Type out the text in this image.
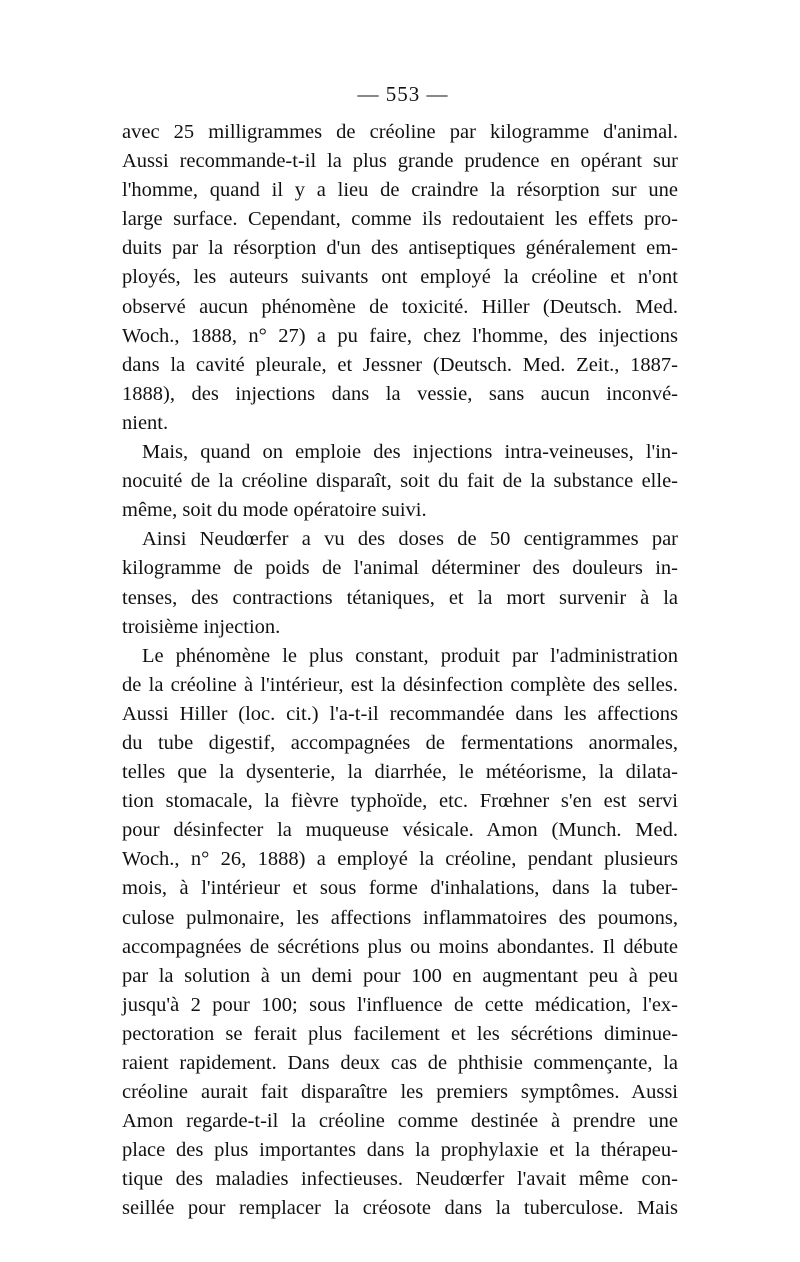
— 553 —
avec 25 milligrammes de créoline par kilogramme d'animal.
Aussi recommande-t-il la plus grande prudence en opérant sur
l'homme, quand il y a lieu de craindre la résorption sur une
large surface. Cependant, comme ils redoutaient les effets pro-
duits par la résorption d'un des antiseptiques généralement em-
ployés, les auteurs suivants ont employé la créoline et n'ont
observé aucun phénomène de toxicité. Hiller (Deutsch. Med.
Woch., 1888, n° 27) a pu faire, chez l'homme, des injections
dans la cavité pleurale, et Jessner (Deutsch. Med. Zeit., 1887-
1888), des injections dans la vessie, sans aucun inconvé-
nient.
Mais, quand on emploie des injections intra-veineuses, l'in-
nocuité de la créoline disparaît, soit du fait de la substance elle-
même, soit du mode opératoire suivi.
Ainsi Neudœrfer a vu des doses de 50 centigrammes par
kilogramme de poids de l'animal déterminer des douleurs in-
tenses, des contractions tétaniques, et la mort survenir à la
troisième injection.
Le phénomène le plus constant, produit par l'administration
de la créoline à l'intérieur, est la désinfection complète des selles.
Aussi Hiller (loc. cit.) l'a-t-il recommandée dans les affections
du tube digestif, accompagnées de fermentations anormales,
telles que la dysenterie, la diarrhée, le météorisme, la dilata-
tion stomacale, la fièvre typhoïde, etc. Frœhner s'en est servi
pour désinfecter la muqueuse vésicale. Amon (Munch. Med.
Woch., n° 26, 1888) a employé la créoline, pendant plusieurs
mois, à l'intérieur et sous forme d'inhalations, dans la tuber-
culose pulmonaire, les affections inflammatoires des poumons,
accompagnées de sécrétions plus ou moins abondantes. Il débute
par la solution à un demi pour 100 en augmentant peu à peu
jusqu'à 2 pour 100; sous l'influence de cette médication, l'ex-
pectoration se ferait plus facilement et les sécrétions diminue-
raient rapidement. Dans deux cas de phthisie commençante, la
créoline aurait fait disparaître les premiers symptômes. Aussi
Amon regarde-t-il la créoline comme destinée à prendre une
place des plus importantes dans la prophylaxie et la thérapeu-
tique des maladies infectieuses. Neudœrfer l'avait même con-
seillée pour remplacer la créosote dans la tuberculose. Mais
